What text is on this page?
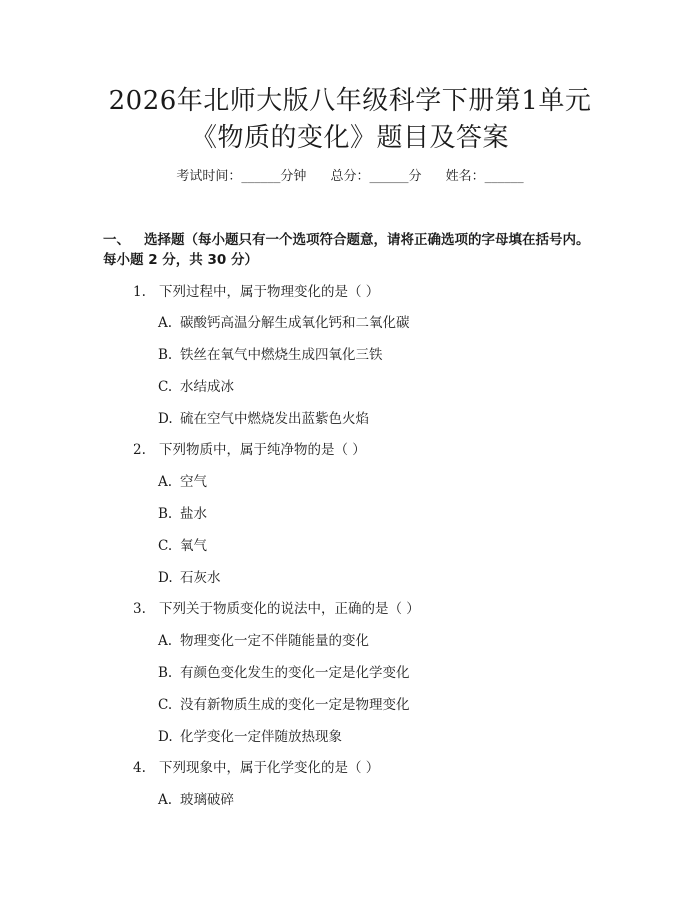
2026年北师大版八年级科学下册第1单元
《物质的变化》题目及答案
考试时间：______分钟 总分：______分 姓名：______
一、 选择题（每小题只有一个选项符合题意，请将正确选项的字母填在括号内。
每小题 2 分，共 30 分）
1. 下列过程中，属于物理变化的是（ ）
A. 碳酸钙高温分解生成氧化钙和二氧化碳
B. 铁丝在氧气中燃烧生成四氧化三铁
C. 水结成冰
D. 硫在空气中燃烧发出蓝紫色火焰
2. 下列物质中，属于纯净物的是（ ）
A. 空气
B. 盐水
C. 氧气
D. 石灰水
3. 下列关于物质变化的说法中，正确的是（ ）
A. 物理变化一定不伴随能量的变化
B. 有颜色变化发生的变化一定是化学变化
C. 没有新物质生成的变化一定是物理变化
D. 化学变化一定伴随放热现象
4. 下列现象中，属于化学变化的是（ ）
A. 玻璃破碎
